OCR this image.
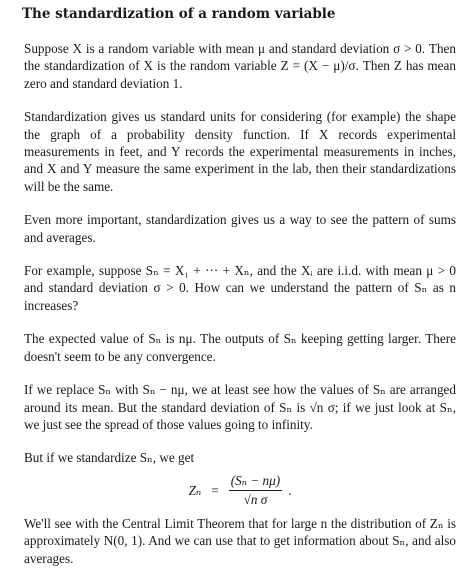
The standardization of a random variable

Suppose X is a random variable with mean μ and standard deviation σ > 0. Then the standardization of X is the random variable Z = (X − μ)/σ. Then Z has mean zero and standard deviation 1.

Standardization gives us standard units for considering (for example) the shape the graph of a probability density function. If X records experimental measurements in feet, and Y records the experimental measurements in inches, and X and Y measure the same experiment in the lab, then their standardizations will be the same.

Even more important, standardization gives us a way to see the pattern of sums and averages.

For example, suppose Sₙ = X₁ + ··· + Xₙ, and the Xᵢ are i.i.d. with mean μ > 0 and standard deviation σ > 0. How can we understand the pattern of Sₙ as n increases?

The expected value of Sₙ is nμ. The outputs of Sₙ keeping getting larger. There doesn't seem to be any convergence.

If we replace Sₙ with Sₙ − nμ, we at least see how the values of Sₙ are arranged around its mean. But the standard deviation of Sₙ is √n σ; if we just look at Sₙ, we just see the spread of those values going to infinity.

But if we standardize Sₙ, we get

$Z_n = \frac{\text{(Sₙ − nμ)}}{\text{√n σ}}$ .

We'll see with the Central Limit Theorem that for large n the distribution of Zₙ is approximately N(0, 1). And we can use that to get information about Sₙ, and also averages.
